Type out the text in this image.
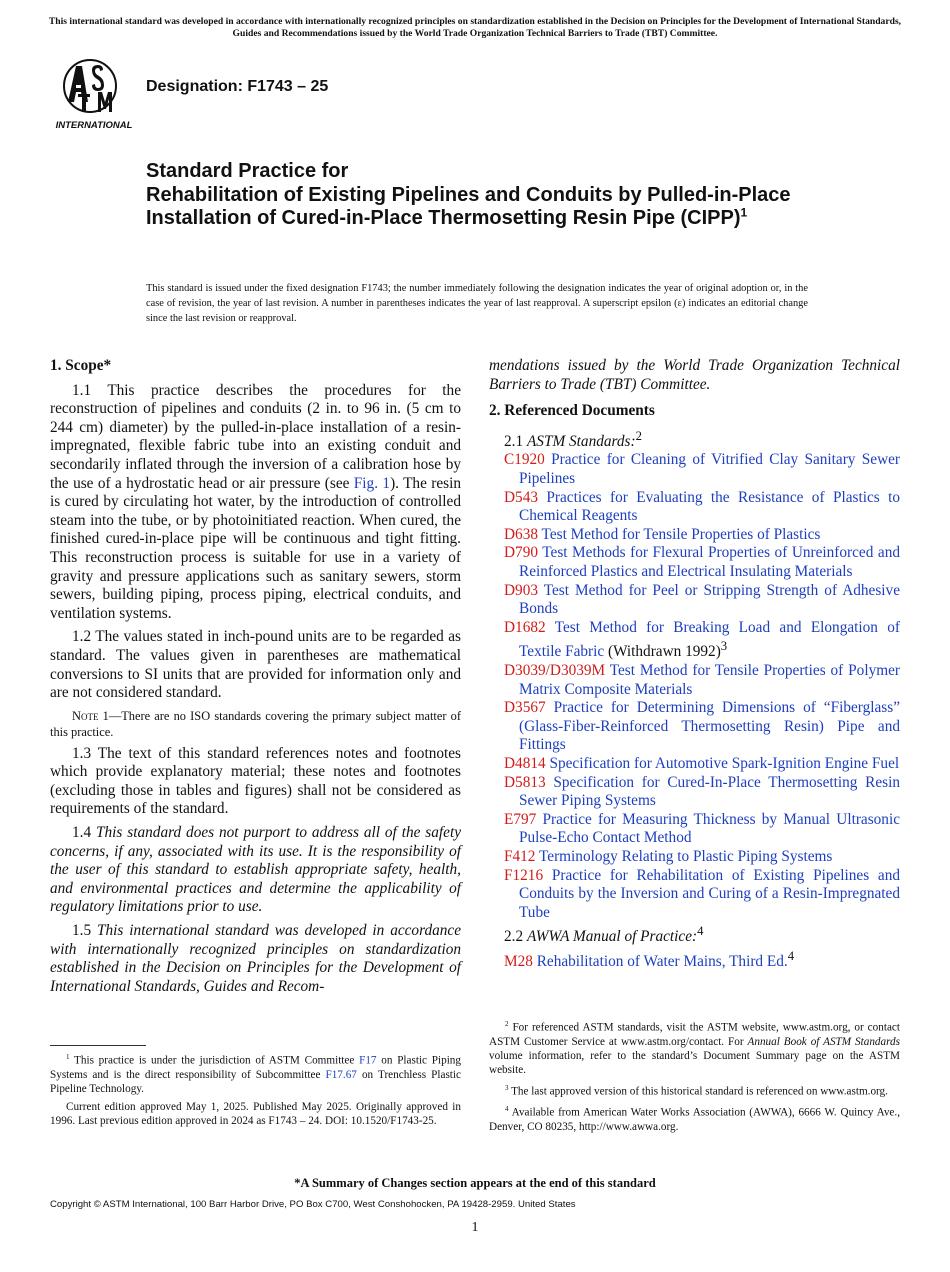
This international standard was developed in accordance with internationally recognized principles on standardization established in the Decision on Principles for the Development of International Standards, Guides and Recommendations issued by the World Trade Organization Technical Barriers to Trade (TBT) Committee.
INTERNATIONAL
Designation: F1743 – 25
Standard Practice for
Rehabilitation of Existing Pipelines and Conduits by Pulled-in-Place Installation of Cured-in-Place Thermosetting Resin Pipe (CIPP)$^1$
This standard is issued under the fixed designation F1743; the number immediately following the designation indicates the year of original adoption or, in the case of revision, the year of last revision. A number in parentheses indicates the year of last reapproval. A superscript epsilon (ε) indicates an editorial change since the last revision or reapproval.
1. Scope*

1.1 This practice describes the procedures for the reconstruction of pipelines and conduits (2 in. to 96 in. (5 cm to 244 cm) diameter) by the pulled-in-place installation of a resin-impregnated, flexible fabric tube into an existing conduit and secondarily inflated through the inversion of a calibration hose by the use of a hydrostatic head or air pressure (see Fig. 1). The resin is cured by circulating hot water, by the introduction of controlled steam into the tube, or by photoinitiated reaction. When cured, the finished cured-in-place pipe will be continuous and tight fitting. This reconstruction process is suitable for use in a variety of gravity and pressure applications such as sanitary sewers, storm sewers, building piping, process piping, electrical conduits, and ventilation systems.

1.2 The values stated in inch-pound units are to be regarded as standard. The values given in parentheses are mathematical conversions to SI units that are provided for information only and are not considered standard.

Note 1—There are no ISO standards covering the primary subject matter of this practice.

1.3 The text of this standard references notes and footnotes which provide explanatory material; these notes and footnotes (excluding those in tables and figures) shall not be considered as requirements of the standard.

1.4 This standard does not purport to address all of the safety concerns, if any, associated with its use. It is the responsibility of the user of this standard to establish appropriate safety, health, and environmental practices and determine the applicability of regulatory limitations prior to use.

1.5 This international standard was developed in accordance with internationally recognized principles on standardization established in the Decision on Principles for the Development of International Standards, Guides and Recom-

mendations issued by the World Trade Organization Technical Barriers to Trade (TBT) Committee.

2. Referenced Documents

2.1 ASTM Standards:$^2$

C1920 Practice for Cleaning of Vitrified Clay Sanitary Sewer Pipelines

D543 Practices for Evaluating the Resistance of Plastics to Chemical Reagents

D638 Test Method for Tensile Properties of Plastics

D790 Test Methods for Flexural Properties of Unreinforced and Reinforced Plastics and Electrical Insulating Materials

D903 Test Method for Peel or Stripping Strength of Adhesive Bonds

D1682 Test Method for Breaking Load and Elongation of Textile Fabric (Withdrawn 1992)$^3$

D3039/D3039M Test Method for Tensile Properties of Polymer Matrix Composite Materials

D3567 Practice for Determining Dimensions of “Fiberglass” (Glass-Fiber-Reinforced Thermosetting Resin) Pipe and Fittings

D4814 Specification for Automotive Spark-Ignition Engine Fuel

D5813 Specification for Cured-In-Place Thermosetting Resin Sewer Piping Systems

E797 Practice for Measuring Thickness by Manual Ultrasonic Pulse-Echo Contact Method

F412 Terminology Relating to Plastic Piping Systems

F1216 Practice for Rehabilitation of Existing Pipelines and Conduits by the Inversion and Curing of a Resin-Impregnated Tube

2.2 AWWA Manual of Practice:$^4$

M28 Rehabilitation of Water Mains, Third Ed.$^4$

$^1$ This practice is under the jurisdiction of ASTM Committee F17 on Plastic Piping Systems and is the direct responsibility of Subcommittee F17.67 on Trenchless Plastic Pipeline Technology.

Current edition approved May 1, 2025. Published May 2025. Originally approved in 1996. Last previous edition approved in 2024 as F1743 – 24. DOI: 10.1520/F1743-25.

$^2$ For referenced ASTM standards, visit the ASTM website, www.astm.org, or contact ASTM Customer Service at www.astm.org/contact. For Annual Book of ASTM Standards volume information, refer to the standard’s Document Summary page on the ASTM website.

$^3$ The last approved version of this historical standard is referenced on www.astm.org.

$^4$ Available from American Water Works Association (AWWA), 6666 W. Quincy Ave., Denver, CO 80235, http://www.awwa.org.

*A Summary of Changes section appears at the end of this standard
Copyright © ASTM International, 100 Barr Harbor Drive, PO Box C700, West Conshohocken, PA 19428-2959. United States
1
